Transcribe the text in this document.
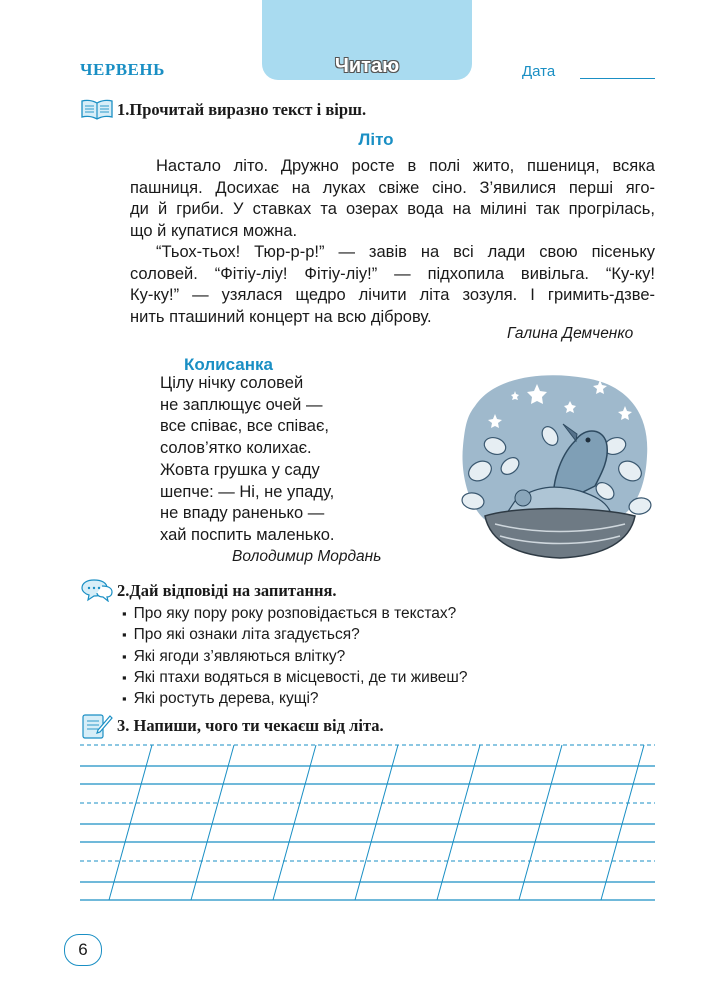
Читаю
ЧЕРВЕНЬ	Дата
1.Прочитай виразно текст і вірш.
Літо
Настало літо. Дружно росте в полі жито, пшениця, всяка
пашниця. Досихає на луках свіже сіно. З’явилися перші яго-
ди й гриби. У ставках та озерах вода на мілині так прогрілась,
що й купатися можна.
“Тьох-тьох! Тюр-р-р!” — завів на всі лади свою пісеньку
соловей. “Фітіу-ліу! Фітіу-ліу!” — підхопила вивільга. “Ку-ку!
Ку-ку!” — узялася щедро лічити літа зозуля. І гримить-дзве-
нить пташиний концерт на всю діброву.
Галина Демченко
Колисанка
Цілу нічку соловей
не заплющує очей —
все співає, все співає,
солов’ятко колихає.
Жовта грушка у саду
шепче: — Ні, не упаду,
не впаду раненько —
хай поспить маленько.
Володимир Мордань
2.Дай відповіді на запитання.
▪ Про яку пору року розповідається в текстах?
▪ Про які ознаки літа згадується?
▪ Які ягоди з’являються влітку?
▪ Які птахи водяться в місцевості, де ти живеш?
▪ Які ростуть дерева, кущі?
3. Напиши, чого ти чекаєш від літа.
6
